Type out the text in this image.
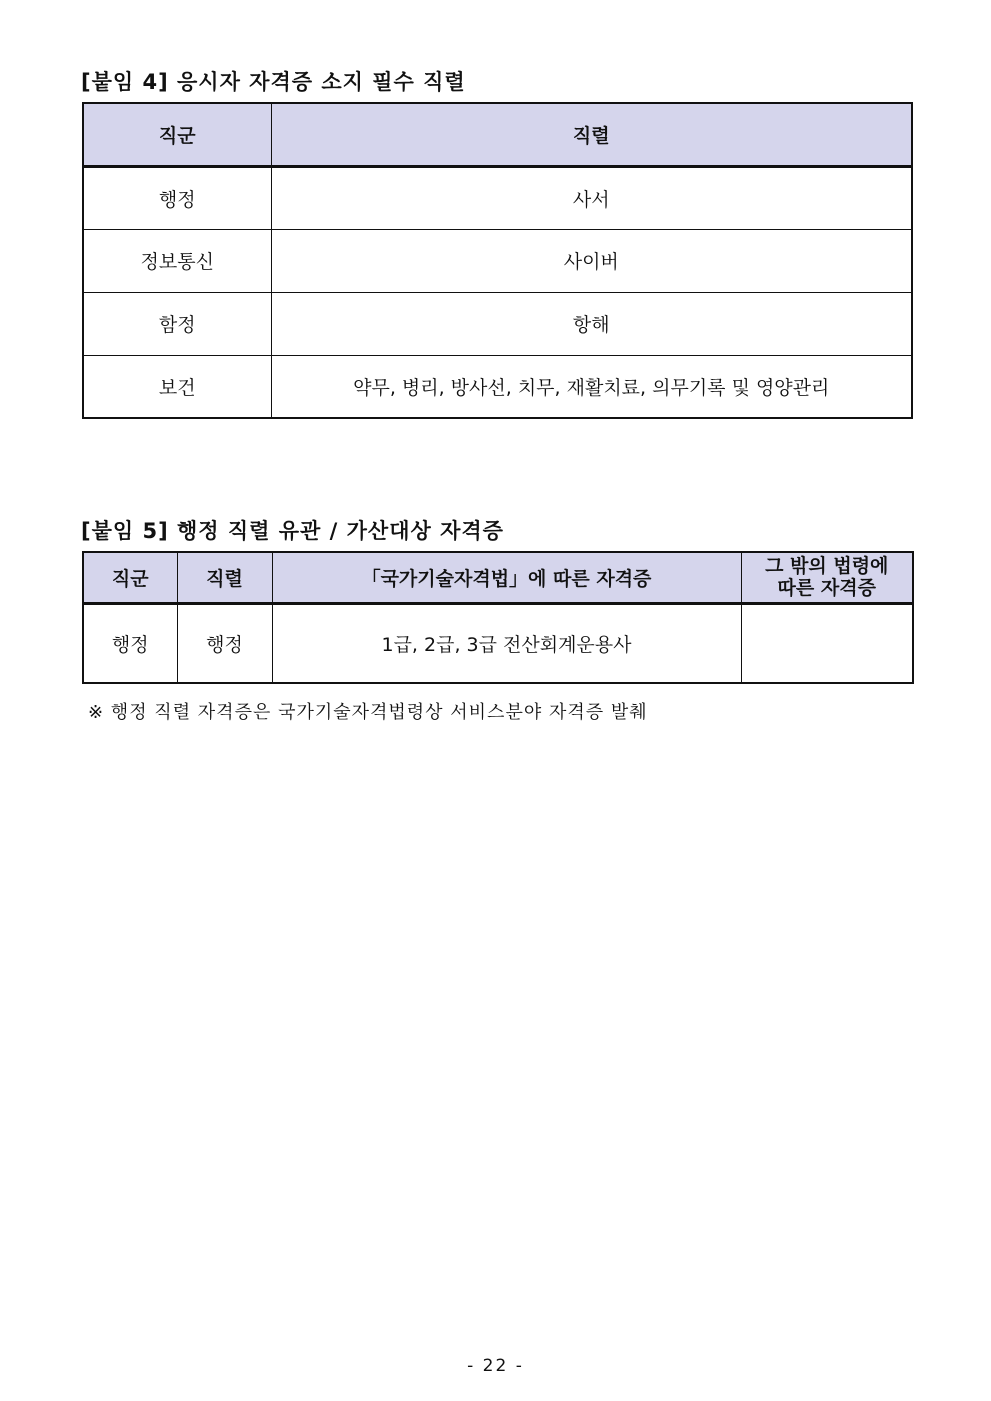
[붙임 4] 응시자 자격증 소지 필수 직렬
직군	직렬
행정	사서
정보통신	사이버
함정	항해
보건	약무, 병리, 방사선, 치무, 재활치료, 의무기록 및 영양관리
[붙임 5] 행정 직렬 유관 / 가산대상 자격증
직군	직렬	「국가기술자격법」에 따른 자격증	그 밖의 법령에
따른 자격증

행정	행정	1급, 2급, 3급 전산회계운용사	
※ 행정 직렬 자격증은 국가기술자격법령상 서비스분야 자격증 발췌
- 22 -
